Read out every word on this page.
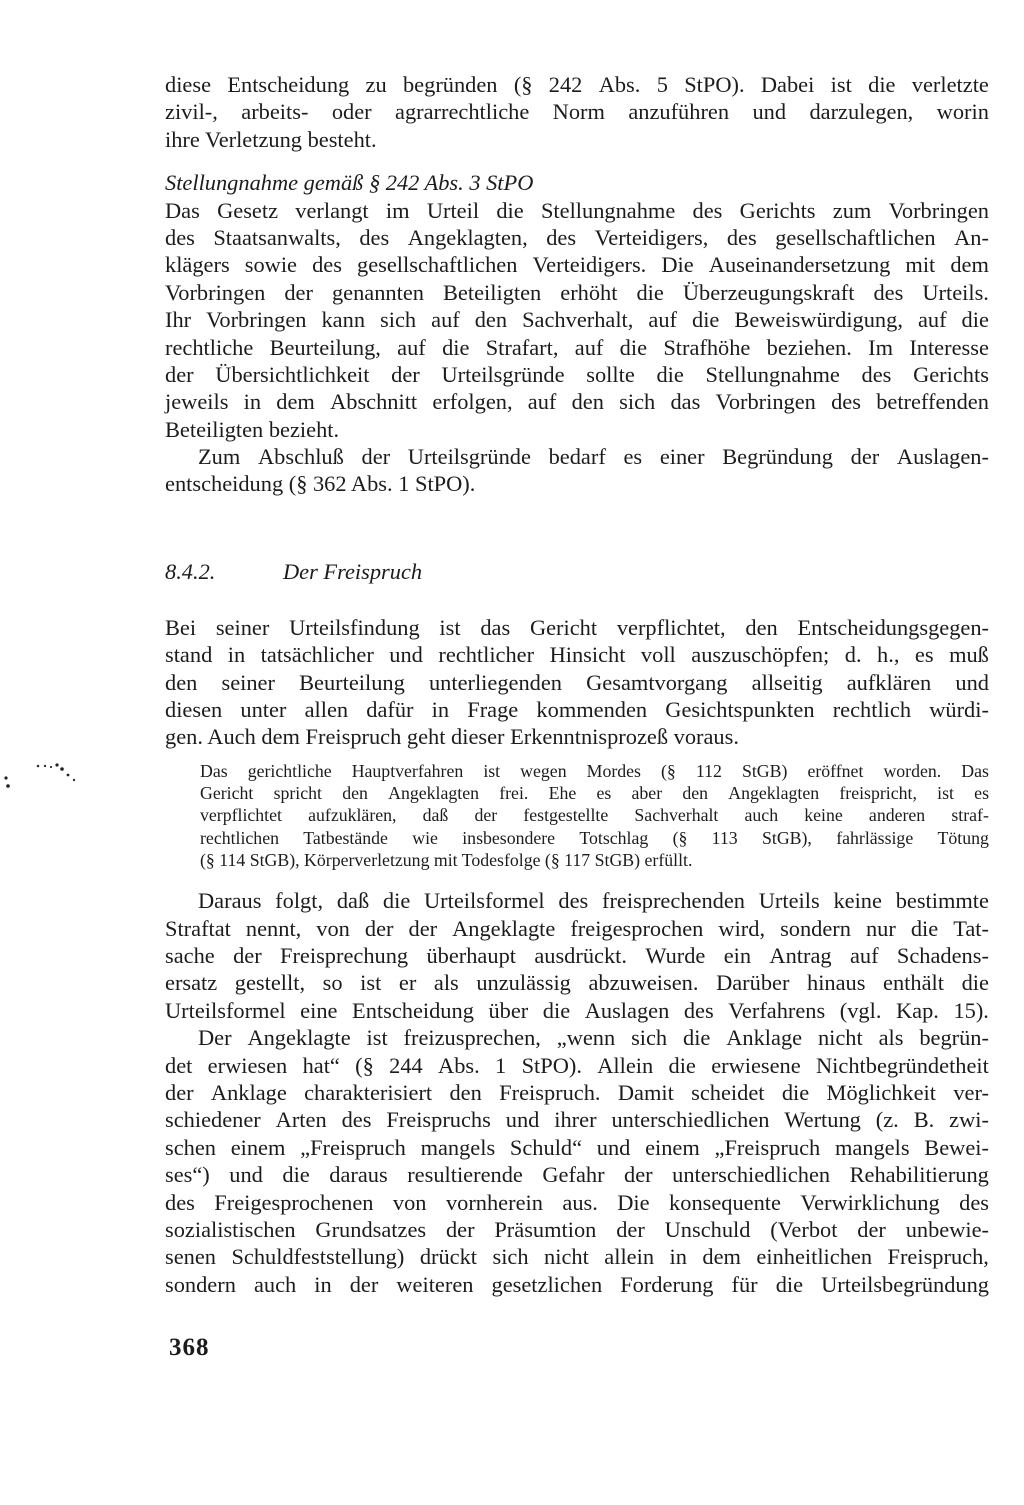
diese Entscheidung zu begründen (§ 242 Abs. 5 StPO). Dabei ist die verletzte
zivil-, arbeits- oder agrarrechtliche Norm anzuführen und darzulegen, worin
ihre Verletzung besteht.
Stellungnahme gemäß § 242 Abs. 3 StPO
Das Gesetz verlangt im Urteil die Stellungnahme des Gerichts zum Vorbringen
des Staatsanwalts, des Angeklagten, des Verteidigers, des gesellschaftlichen An-
klägers sowie des gesellschaftlichen Verteidigers. Die Auseinandersetzung mit dem
Vorbringen der genannten Beteiligten erhöht die Überzeugungskraft des Urteils.
Ihr Vorbringen kann sich auf den Sachverhalt, auf die Beweiswürdigung, auf die
rechtliche Beurteilung, auf die Strafart, auf die Strafhöhe beziehen. Im Interesse
der Übersichtlichkeit der Urteilsgründe sollte die Stellungnahme des Gerichts
jeweils in dem Abschnitt erfolgen, auf den sich das Vorbringen des betreffenden
Beteiligten bezieht.
Zum Abschluß der Urteilsgründe bedarf es einer Begründung der Auslagen-
entscheidung (§ 362 Abs. 1 StPO).
8.4.2.	Der Freispruch
Bei seiner Urteilsfindung ist das Gericht verpflichtet, den Entscheidungsgegen-
stand in tatsächlicher und rechtlicher Hinsicht voll auszuschöpfen; d. h., es muß
den seiner Beurteilung unterliegenden Gesamtvorgang allseitig aufklären und
diesen unter allen dafür in Frage kommenden Gesichtspunkten rechtlich würdi-
gen. Auch dem Freispruch geht dieser Erkenntnisprozeß voraus.
Das gerichtliche Hauptverfahren ist wegen Mordes (§ 112 StGB) eröffnet worden. Das
Gericht spricht den Angeklagten frei. Ehe es aber den Angeklagten freispricht, ist es
verpflichtet aufzuklären, daß der festgestellte Sachverhalt auch keine anderen straf-
rechtlichen Tatbestände wie insbesondere Totschlag (§ 113 StGB), fahrlässige Tötung
(§ 114 StGB), Körperverletzung mit Todesfolge (§ 117 StGB) erfüllt.
Daraus folgt, daß die Urteilsformel des freisprechenden Urteils keine bestimmte
Straftat nennt, von der der Angeklagte freigesprochen wird, sondern nur die Tat-
sache der Freisprechung überhaupt ausdrückt. Wurde ein Antrag auf Schadens-
ersatz gestellt, so ist er als unzulässig abzuweisen. Darüber hinaus enthält die
Urteilsformel eine Entscheidung über die Auslagen des Verfahrens (vgl. Kap. 15).
Der Angeklagte ist freizusprechen, „wenn sich die Anklage nicht als begrün-
det erwiesen hat“ (§ 244 Abs. 1 StPO). Allein die erwiesene Nichtbegründetheit
der Anklage charakterisiert den Freispruch. Damit scheidet die Möglichkeit ver-
schiedener Arten des Freispruchs und ihrer unterschiedlichen Wertung (z. B. zwi-
schen einem „Freispruch mangels Schuld“ und einem „Freispruch mangels Bewei-
ses“) und die daraus resultierende Gefahr der unterschiedlichen Rehabilitierung
des Freigesprochenen von vornherein aus. Die konsequente Verwirklichung des
sozialistischen Grundsatzes der Präsumtion der Unschuld (Verbot der unbewie-
senen Schuldfeststellung) drückt sich nicht allein in dem einheitlichen Freispruch,
sondern auch in der weiteren gesetzlichen Forderung für die Urteilsbegründung
368
